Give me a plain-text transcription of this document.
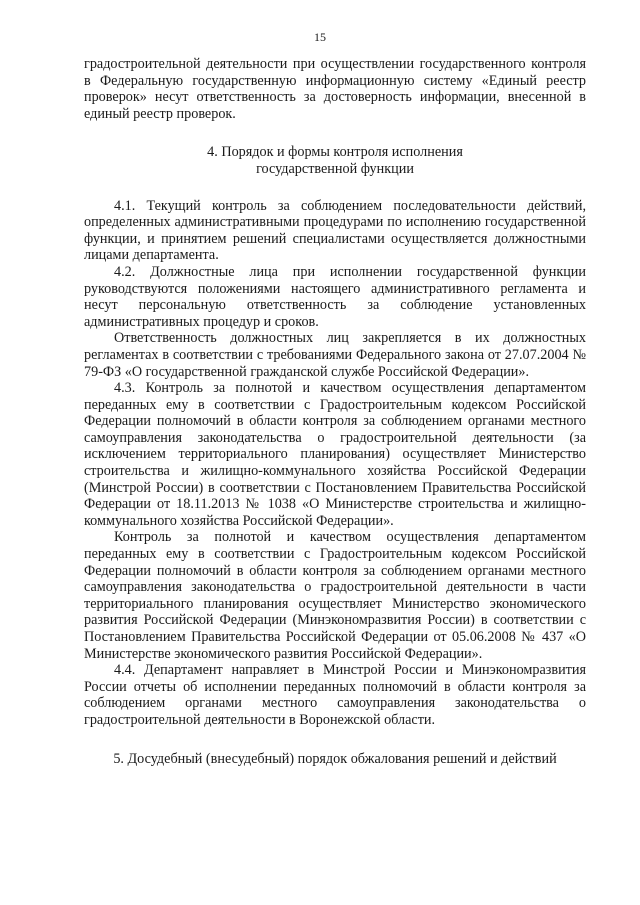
15

градостроительной деятельности при осуществлении государственного контроля в Федеральную государственную информационную систему «Единый реестр проверок» несут ответственность за достоверность информации, внесенной в единый реестр проверок.

4. Порядок и формы контроля исполнения
государственной функции

4.1. Текущий контроль за соблюдением последовательности действий, определенных административными процедурами по исполнению государственной функции, и принятием решений специалистами осуществляется должностными лицами департамента.

4.2. Должностные лица при исполнении государственной функции руководствуются положениями настоящего административного регламента и несут персональную ответственность за соблюдение установленных административных процедур и сроков.

Ответственность должностных лиц закрепляется в их должностных регламентах в соответствии с требованиями Федерального закона от 27.07.2004 № 79-ФЗ «О государственной гражданской службе Российской Федерации».

4.3. Контроль за полнотой и качеством осуществления департаментом переданных ему в соответствии с Градостроительным кодексом Российской Федерации полномочий в области контроля за соблюдением органами местного самоуправления законодательства о градостроительной деятельности (за исключением территориального планирования) осуществляет Министерство строительства и жилищно-коммунального хозяйства Российской Федерации (Минстрой России) в соответствии с Постановлением Правительства Российской Федерации от 18.11.2013 № 1038 «О Министерстве строительства и жилищно-коммунального хозяйства Российской Федерации».

Контроль за полнотой и качеством осуществления департаментом переданных ему в соответствии с Градостроительным кодексом Российской Федерации полномочий в области контроля за соблюдением органами местного самоуправления законодательства о градостроительной деятельности в части территориального планирования осуществляет Министерство экономического развития Российской Федерации (Минэкономразвития России) в соответствии с Постановлением Правительства Российской Федерации от 05.06.2008 № 437 «О Министерстве экономического развития Российской Федерации».

4.4. Департамент направляет в Минстрой России и Минэкономразвития России отчеты об исполнении переданных полномочий в области контроля за соблюдением органами местного самоуправления законодательства о градостроительной деятельности в Воронежской области.

5. Досудебный (внесудебный) порядок обжалования решений и действий
